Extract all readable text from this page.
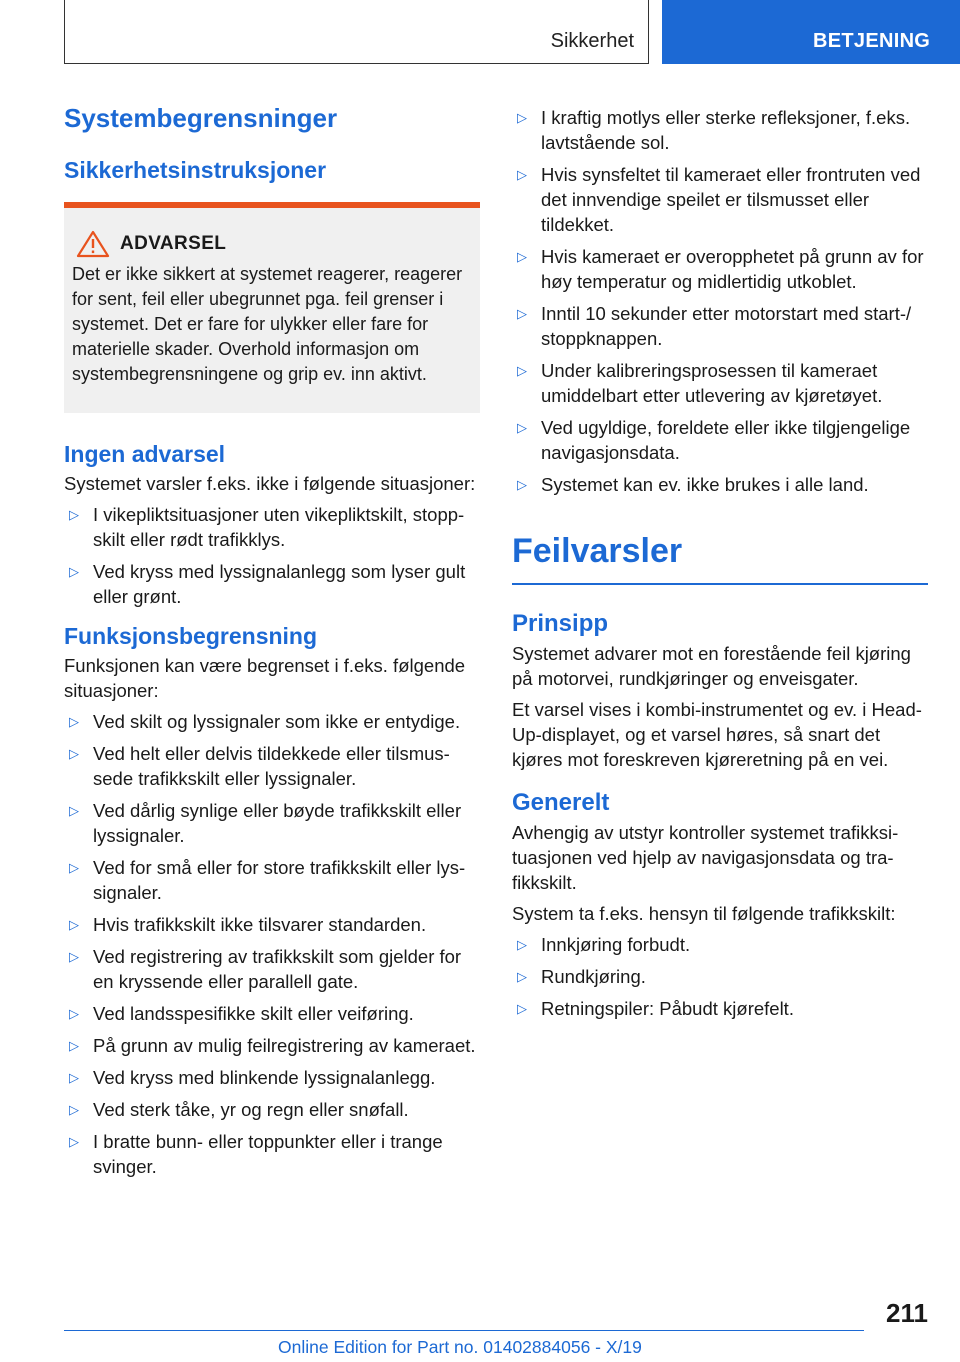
Sikkerhet	BETJENING
Systembegrensninger
Sikkerhetsinstruksjoner
ADVARSEL

Det er ikke sikkert at systemet reagerer, reagerer for sent, feil eller ubegrunnet pga. feil grenser i systemet. Det er fare for ulykker eller fare for materielle skader. Overhold informasjon om systembegrensningene og grip ev. inn aktivt.

Ingen advarsel

Systemet varsler f.eks. ikke i følgende situasjoner:

▷ I vikepliktsituasjoner uten vikepliktskilt, stoppskilt eller rødt trafikklys.
▷ Ved kryss med lyssignalanlegg som lyser gult eller grønt.
Funksjonsbegrensning

Funksjonen kan være begrenset i f.eks. følgende situasjoner:

▷ Ved skilt og lyssignaler som ikke er entydige.
▷ Ved helt eller delvis tildekkede eller tilsmussede trafikkskilt eller lyssignaler.
▷ Ved dårlig synlige eller bøyde trafikkskilt eller lyssignaler.
▷ Ved for små eller for store trafikkskilt eller lyssignaler.
▷ Hvis trafikkskilt ikke tilsvarer standarden.
▷ Ved registrering av trafikkskilt som gjelder for en kryssende eller parallell gate.
▷ Ved landsspesifikke skilt eller veiføring.
▷ På grunn av mulig feilregistrering av kameraet.
▷ Ved kryss med blinkende lyssignalanlegg.
▷ Ved sterk tåke, yr og regn eller snøfall.
▷ I bratte bunn- eller toppunkter eller i trange svinger.
▷ I kraftig motlys eller sterke refleksjoner, f.eks. lavtstående sol.
▷ Hvis synsfeltet til kameraet eller frontruten ved det innvendige speilet er tilsmusset eller tildekket.
▷ Hvis kameraet er overopphetet på grunn av for høy temperatur og midlertidig utkoblet.
▷ Inntil 10 sekunder etter motorstart med start-/ stoppknappen.
▷ Under kalibreringsprosessen til kameraet umiddelbart etter utlevering av kjøretøyet.
▷ Ved ugyldige, foreldete eller ikke tilgjengelige navigasjonsdata.
▷ Systemet kan ev. ikke brukes i alle land.
Feilvarsler
Prinsipp

Systemet advarer mot en forestående feil kjøring på motorvei, rundkjøringer og enveisgater.

Et varsel vises i kombi-instrumentet og ev. i Head-Up-displayet, og et varsel høres, så snart det kjøres mot foreskreven kjøreretning på en vei.

Generelt

Avhengig av utstyr kontroller systemet trafikksituasjonen ved hjelp av navigasjonsdata og trafikkskilt.

System ta f.eks. hensyn til følgende trafikkskilt:

▷ Innkjøring forbudt.
▷ Rundkjøring.
▷ Retningspiler: Påbudt kjørefelt.
211
Online Edition for Part no. 01402884056 - X/19
